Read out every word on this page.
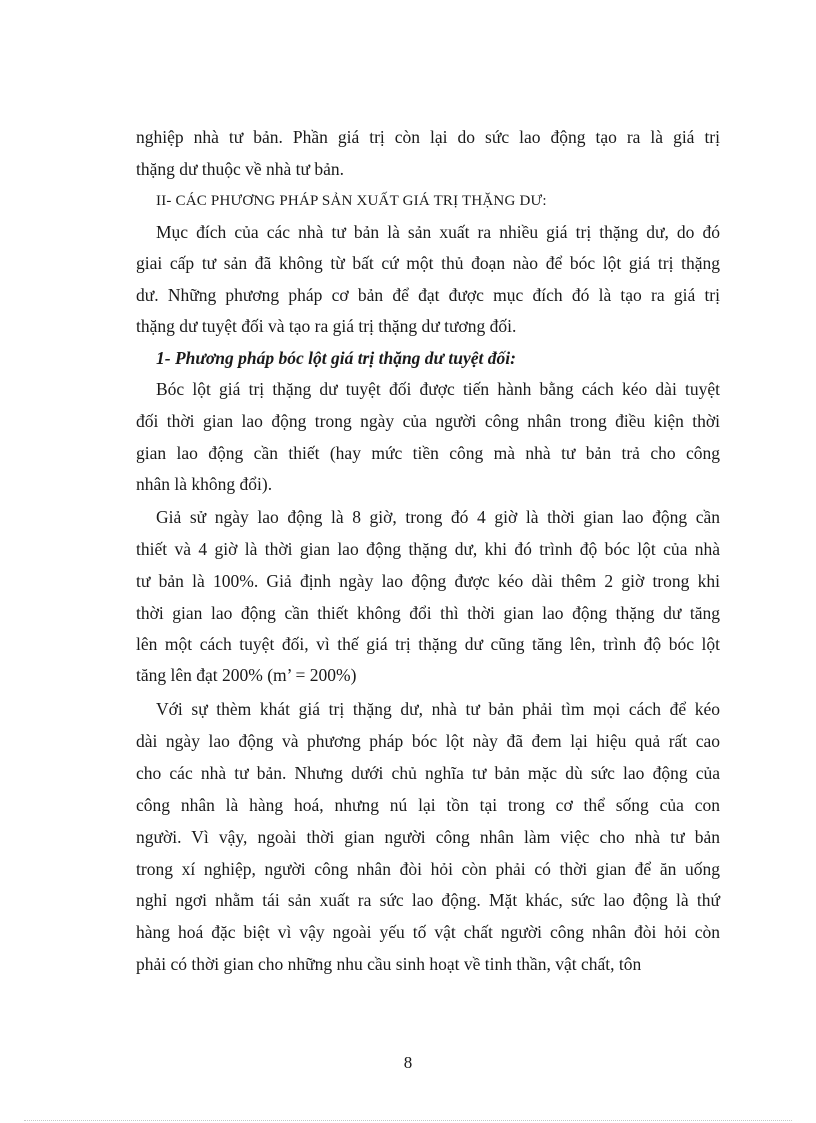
nghiệp nhà tư bản. Phần giá trị còn lại do sức lao động tạo ra là giá trị
thặng dư thuộc về nhà tư bản.
II- CÁC PHƯƠNG PHÁP SẢN XUẤT GIÁ TRỊ THẶNG DƯ:
Mục đích của các nhà tư bản là sản xuất ra nhiều giá trị thặng dư, do đó
giai cấp tư sản đã không từ bất cứ một thủ đoạn nào để bóc lột giá trị thặng
dư. Những phương pháp cơ bản để đạt được mục đích đó là tạo ra giá trị
thặng dư tuyệt đối và tạo ra giá trị thặng dư tương đối.
1- Phương pháp bóc lột giá trị thặng dư tuyệt đối:
Bóc lột giá trị thặng dư tuyệt đối được tiến hành bằng cách kéo dài tuyệt
đối thời gian lao động trong ngày của người công nhân trong điều kiện thời
gian lao động cần thiết (hay mức tiền công mà nhà tư bản trả cho công
nhân là không đổi).
Giả sử ngày lao động là 8 giờ, trong đó 4 giờ là thời gian lao động cần
thiết và 4 giờ là thời gian lao động thặng dư, khi đó trình độ bóc lột của nhà
tư bản là 100%. Giả định ngày lao động được kéo dài thêm 2 giờ trong khi
thời gian lao động cần thiết không đổi thì thời gian lao động thặng dư tăng
lên một cách tuyệt đối, vì thế giá trị thặng dư cũng tăng lên, trình độ bóc lột
tăng lên đạt 200% (m’ = 200%)
Với sự thèm khát giá trị thặng dư, nhà tư bản phải tìm mọi cách để kéo
dài ngày lao động và phương pháp bóc lột này đã đem lại hiệu quả rất cao
cho các nhà tư bản. Nhưng dưới chủ nghĩa tư bản mặc dù sức lao động của
công nhân là hàng hoá, nhưng nú lại tồn tại trong cơ thể sống của con
người. Vì vậy, ngoài thời gian người công nhân làm việc cho nhà tư bản
trong xí nghiệp, người công nhân đòi hỏi còn phải có thời gian để ăn uống
nghỉ ngơi nhằm tái sản xuất ra sức lao động. Mặt khác, sức lao động là thứ
hàng hoá đặc biệt vì vậy ngoài yếu tố vật chất người công nhân đòi hỏi còn
phải có thời gian cho những nhu cầu sinh hoạt về tinh thần, vật chất, tôn
8
